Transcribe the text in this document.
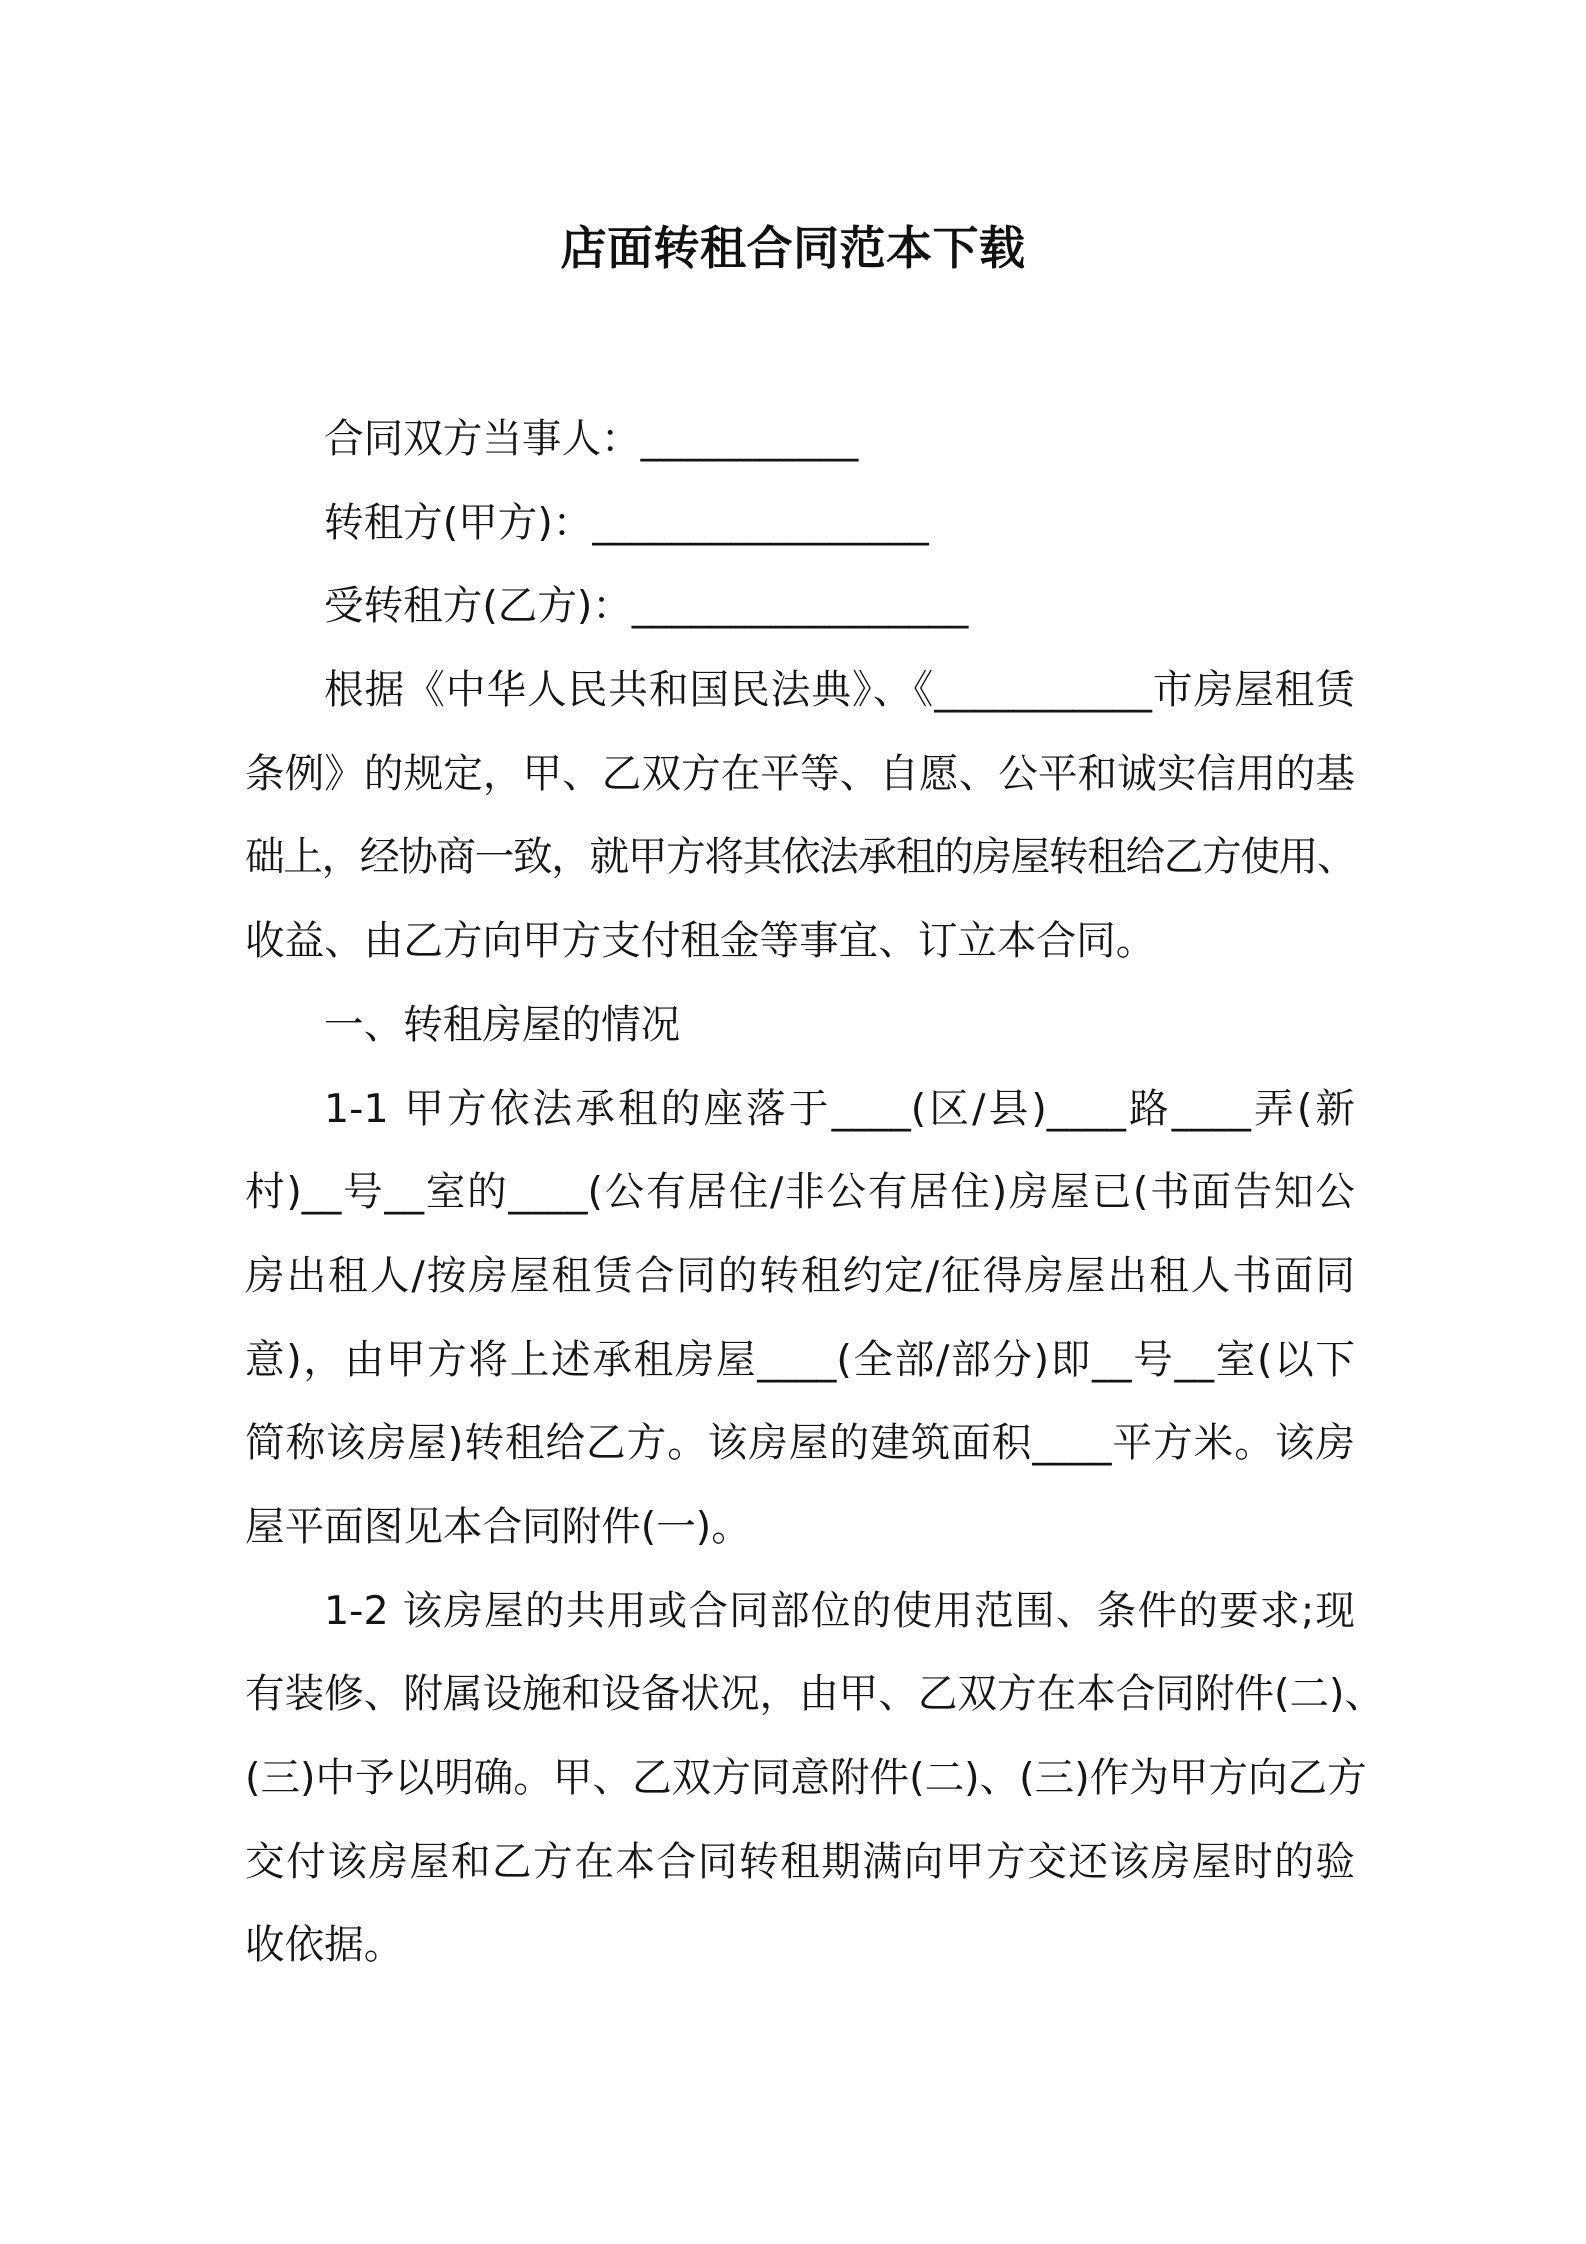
店面转租合同范本下载
合同双方当事人：___________
转租方(甲方)：_________________
受转租方(乙方)：_________________
根据《中华人民共和国民法典》、《___________市房屋租赁
条例》的规定，甲、乙双方在平等、自愿、公平和诚实信用的基
础上，经协商一致，就甲方将其依法承租的房屋转租给乙方使用、
收益、由乙方向甲方支付租金等事宜、订立本合同。
一、转租房屋的情况
1-1 甲方依法承租的座落于____(区/县)____路____弄(新
村)__号__室的____(公有居住/非公有居住)房屋已(书面告知公
房出租人/按房屋租赁合同的转租约定/征得房屋出租人书面同
意)，由甲方将上述承租房屋____(全部/部分)即__号__室(以下
简称该房屋)转租给乙方。该房屋的建筑面积____平方米。该房
屋平面图见本合同附件(一)。
1-2 该房屋的共用或合同部位的使用范围、条件的要求;现
有装修、附属设施和设备状况，由甲、乙双方在本合同附件(二)、
(三)中予以明确。甲、乙双方同意附件(二)、(三)作为甲方向乙方
交付该房屋和乙方在本合同转租期满向甲方交还该房屋时的验
收依据。
